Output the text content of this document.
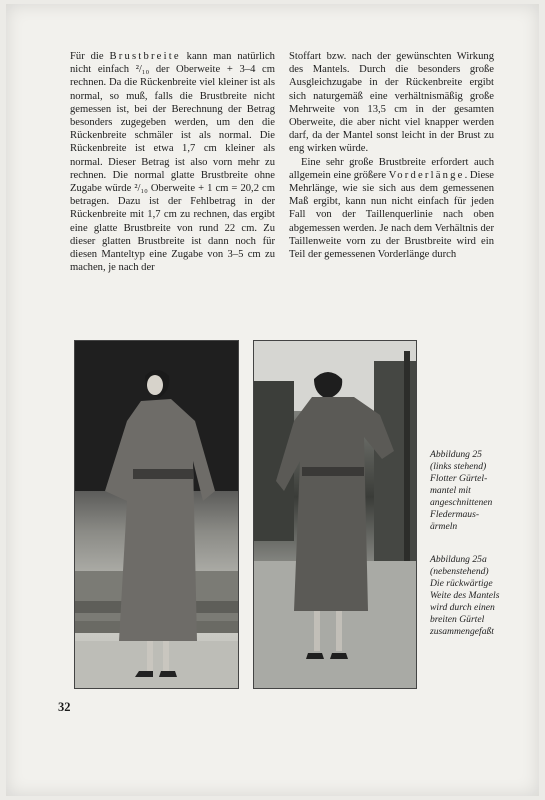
Für die Brustbreite kann man natürlich nicht einfach ²/₁₀ der Oberweite + 3–4 cm rechnen. Da die Rückenbreite viel kleiner ist als normal, so muß, falls die Brustbreite nicht gemessen ist, bei der Berechnung der Betrag besonders zugegeben werden, um den die Rückenbreite schmäler ist als normal. Die Rückenbreite ist etwa 1,7 cm kleiner als normal. Dieser Betrag ist also vorn mehr zu rechnen. Die normal glatte Brustbreite ohne Zugabe würde ²/₁₀ Oberweite + 1 cm = 20,2 cm betragen. Dazu ist der Fehlbetrag in der Rückenbreite mit 1,7 cm zu rechnen, das ergibt eine glatte Brustbreite von rund 22 cm. Zu dieser glatten Brustbreite ist dann noch für diesen Manteltyp eine Zugabe von 3–5 cm zu machen, je nach der

Stoffart bzw. nach der gewünschten Wirkung des Mantels. Durch die besonders große Ausgleichzugabe in der Rückenbreite ergibt sich naturgemäß eine verhältnismäßig große Mehrweite von 13,5 cm in der gesamten Oberweite, die aber nicht viel knapper werden darf, da der Mantel sonst leicht in der Brust zu eng wirken würde.

Eine sehr große Brustbreite erfordert auch allgemein eine größere Vorderlänge. Diese Mehrlänge, wie sie sich aus dem gemessenen Maß ergibt, kann nun nicht einfach für jeden Fall von der Taillenquerlinie nach oben abgemessen werden. Je nach dem Verhältnis der Taillenweite vorn zu der Brustbreite wird ein Teil der gemessenen Vorderlänge durch

Abbildung 25
(links stehend)
Flotter Gürtel-
mantel mit
angeschnittenen
Fledermaus-
ärmeln
Abbildung 25a
(nebenstehend)
Die rückwärtige
Weite des Mantels
wird durch einen
breiten Gürtel
zusammengefaßt
32
